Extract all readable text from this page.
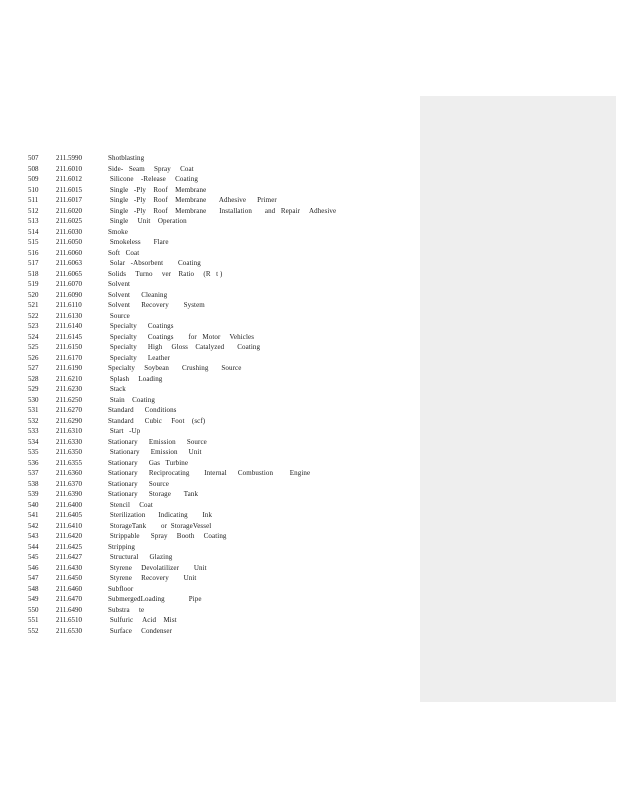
507	211.5990	Shotblasting
508	211.6010	Side-   Seam     Spray     Coat
509	211.6012	Silicone    -Release     Coating
510	211.6015	Single   -Ply    Roof    Membrane
511	211.6017	Single   -Ply    Roof    Membrane       Adhesive      Primer
512	211.6020	Single   -Ply    Roof    Membrane       Installation       and   Repair     Adhesive
513	211.6025	Single     Unit    Operation
514	211.6030	Smoke
515	211.6050	Smokeless       Flare
516	211.6060	Soft   Coat
517	211.6063	Solar   -Absorbent        Coating
518	211.6065	Solids     Turno     ver    Ratio     (R   t )
519	211.6070	Solvent
520	211.6090	Solvent      Cleaning
521	211.6110	Solvent      Recovery        System
522	211.6130	Source
523	211.6140	Specialty      Coatings
524	211.6145	Specialty      Coatings        for   Motor     Vehicles
525	211.6150	Specialty      High     Gloss    Catalyzed       Coating
526	211.6170	Specialty      Leather
527	211.6190	Specialty     Soybean       Crushing       Source
528	211.6210	Splash     Loading
529	211.6230	Stack
530	211.6250	Stain    Coating
531	211.6270	Standard      Conditions
532	211.6290	Standard      Cubic     Foot    (scf)
533	211.6310	Start   -Up
534	211.6330	Stationary      Emission      Source
535	211.6350	Stationary      Emission      Unit
536	211.6355	Stationary      Gas   Turbine
537	211.6360	Stationary      Reciprocating        Internal      Combustion         Engine
538	211.6370	Stationary      Source
539	211.6390	Stationary      Storage       Tank
540	211.6400	Stencil     Coat
541	211.6405	Sterilization       Indicating        Ink
542	211.6410	StorageTank        or  StorageVessel
543	211.6420	Strippable      Spray     Booth     Coating
544	211.6425	Stripping
545	211.6427	Structural      Glazing
546	211.6430	Styrene     Devolatilizer        Unit
547	211.6450	Styrene     Recovery        Unit
548	211.6460	Subfloor
549	211.6470	SubmergedLoading             Pipe
550	211.6490	Substra     te
551	211.6510	Sulfuric     Acid    Mist
552	211.6530	Surface     Condenser
